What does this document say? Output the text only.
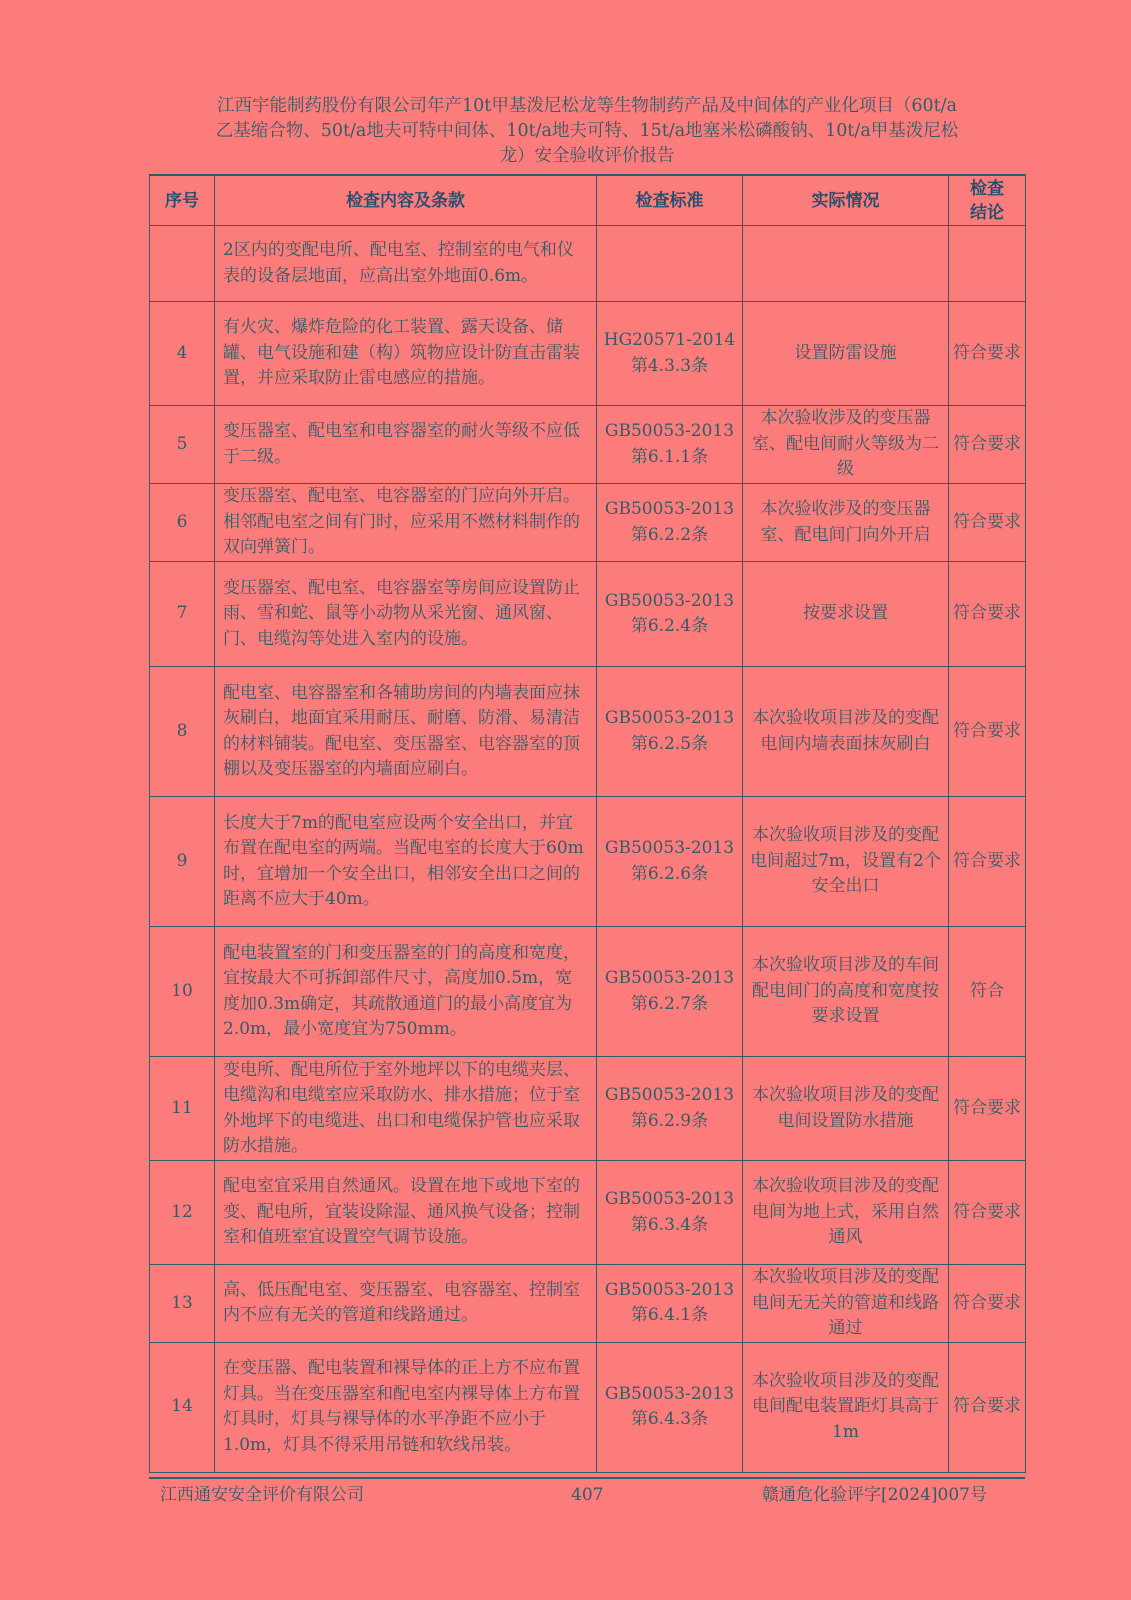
江西宇能制药股份有限公司年产10t甲基泼尼松龙等生物制药产品及中间体的产业化项目（60t/a
乙基缩合物、50t/a地夫可特中间体、10t/a地夫可特、15t/a地塞米松磷酸钠、10t/a甲基泼尼松
龙）安全验收评价报告
序号	检查内容及条款	检查标准	实际情况	检查结论

	2区内的变配电所、配电室、控制室的电气和仪表的设备层地面，应高出室外地面0.6m。			
4	有火灾、爆炸危险的化工装置、露天设备、储罐、电气设施和建（构）筑物应设计防直击雷装置，并应采取防止雷电感应的措施。	HG20571-2014第4.3.3条	设置防雷设施	符合要求
5	变压器室、配电室和电容器室的耐火等级不应低于二级。	GB50053-2013第6.1.1条	本次验收涉及的变压器室、配电间耐火等级为二级	符合要求
6	变压器室、配电室、电容器室的门应向外开启。相邻配电室之间有门时，应采用不燃材料制作的双向弹簧门。	GB50053-2013第6.2.2条	本次验收涉及的变压器室、配电间门向外开启	符合要求
7	变压器室、配电室、电容器室等房间应设置防止雨、雪和蛇、鼠等小动物从采光窗、通风窗、门、电缆沟等处进入室内的设施。	GB50053-2013第6.2.4条	按要求设置	符合要求
8	配电室、电容器室和各辅助房间的内墙表面应抹灰刷白，地面宜采用耐压、耐磨、防滑、易清洁的材料铺装。配电室、变压器室、电容器室的顶棚以及变压器室的内墙面应刷白。	GB50053-2013第6.2.5条	本次验收项目涉及的变配电间内墙表面抹灰刷白	符合要求
9	长度大于7m的配电室应设两个安全出口，并宜布置在配电室的两端。当配电室的长度大于60m时，宜增加一个安全出口，相邻安全出口之间的距离不应大于40m。	GB50053-2013第6.2.6条	本次验收项目涉及的变配电间超过7m，设置有2个安全出口	符合要求
10	配电装置室的门和变压器室的门的高度和宽度，宜按最大不可拆卸部件尺寸，高度加0.5m，宽度加0.3m确定，其疏散通道门的最小高度宜为2.0m，最小宽度宜为750mm。	GB50053-2013第6.2.7条	本次验收项目涉及的车间配电间门的高度和宽度按要求设置	符合
11	变电所、配电所位于室外地坪以下的电缆夹层、电缆沟和电缆室应采取防水、排水措施；位于室外地坪下的电缆进、出口和电缆保护管也应采取防水措施。	GB50053-2013第6.2.9条	本次验收项目涉及的变配电间设置防水措施	符合要求
12	配电室宜采用自然通风。设置在地下或地下室的变、配电所，宜装设除湿、通风换气设备；控制室和值班室宜设置空气调节设施。	GB50053-2013第6.3.4条	本次验收项目涉及的变配电间为地上式，采用自然通风	符合要求
13	高、低压配电室、变压器室、电容器室、控制室内不应有无关的管道和线路通过。	GB50053-2013第6.4.1条	本次验收项目涉及的变配电间无无关的管道和线路通过	符合要求
14	在变压器、配电装置和裸导体的正上方不应布置灯具。当在变压器室和配电室内裸导体上方布置灯具时，灯具与裸导体的水平净距不应小于1.0m，灯具不得采用吊链和软线吊装。	GB50053-2013第6.4.3条	本次验收项目涉及的变配电间配电装置距灯具高于1m	符合要求
江西通安安全评价有限公司	407	赣通危化验评字[2024]007号
